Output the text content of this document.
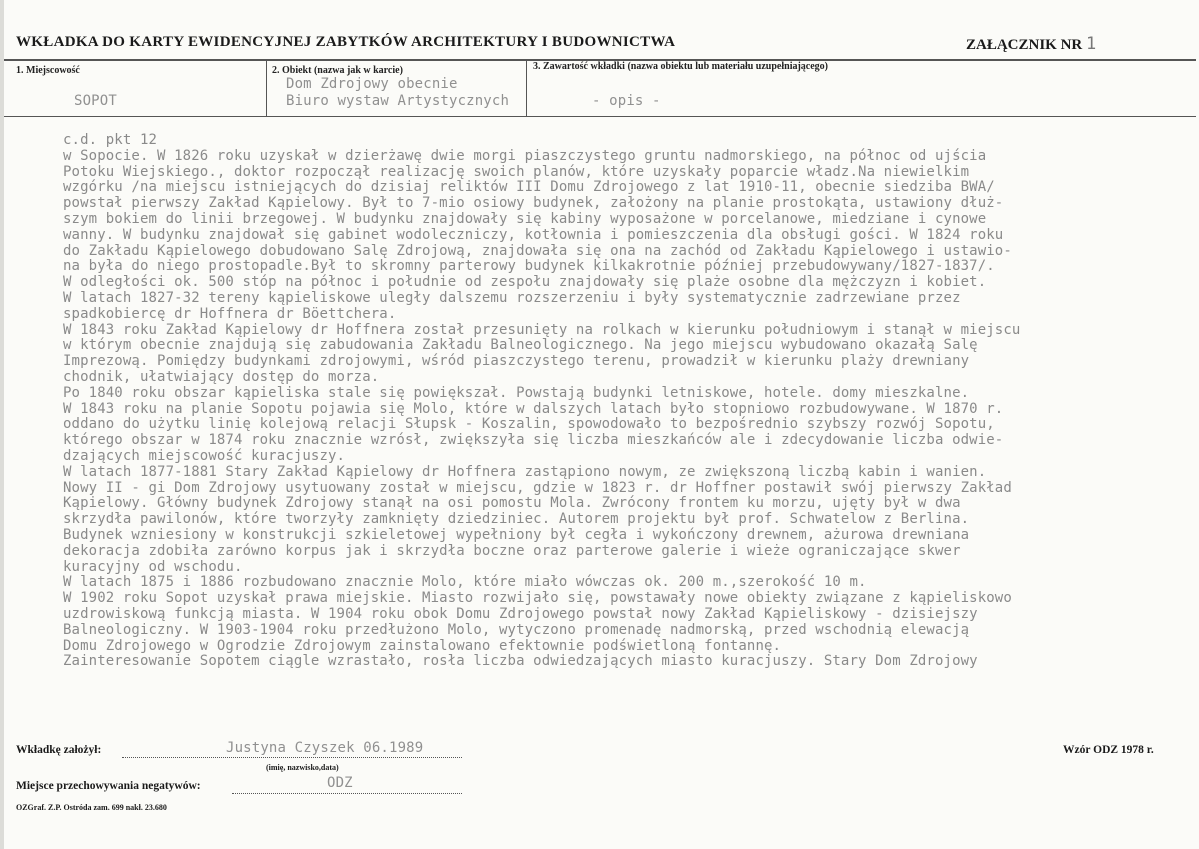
WKŁADKA DO KARTY EWIDENCYJNEJ ZABYTKÓW ARCHITEKTURY I BUDOWNICTWA	ZAŁĄCZNIK NR 1
1. Miejscowość
SOPOT
2. Obiekt (nazwa jak w karcie)
Dom Zdrojowy obecnie
Biuro wystaw Artystycznych
3. Zawartość wkładki (nazwa obiektu lub materiału uzupełniającego)
- opis -
c.d. pkt 12
w Sopocie. W 1826 roku uzyskał w dzierżawę dwie morgi piaszczystego gruntu nadmorskiego, na północ od ujścia
Potoku Wiejskiego., doktor rozpoczął realizację swoich planów, które uzyskały poparcie władz.Na niewielkim
wzgórku /na miejscu istniejących do dzisiaj reliktów III Domu Zdrojowego z lat 1910-11, obecnie siedziba BWA/
powstał pierwszy Zakład Kąpielowy. Był to 7-mio osiowy budynek, założony na planie prostokąta, ustawiony dłuż-
szym bokiem do linii brzegowej. W budynku znajdowały się kabiny wyposażone w porcelanowe, miedziane i cynowe
wanny. W budynku znajdował się gabinet wodoleczniczy, kotłownia i pomieszczenia dla obsługi gości. W 1824 roku
do Zakładu Kąpielowego dobudowano Salę Zdrojową, znajdowała się ona na zachód od Zakładu Kąpielowego i ustawio-
na była do niego prostopadle.Był to skromny parterowy budynek kilkakrotnie później przebudowywany/1827-1837/.
W odległości ok. 500 stóp na północ i południe od zespołu znajdowały się plaże osobne dla mężczyzn i kobiet.
W latach 1827-32 tereny kąpieliskowe uległy dalszemu rozszerzeniu i były systematycznie zadrzewiane przez
spadkobiercę dr Hoffnera dr Böettchera.
W 1843 roku Zakład Kąpielowy dr Hoffnera został przesunięty na rolkach w kierunku południowym i stanął w miejscu
w którym obecnie znajdują się zabudowania Zakładu Balneologicznego. Na jego miejscu wybudowano okazałą Salę
Imprezową. Pomiędzy budynkami zdrojowymi, wśród piaszczystego terenu, prowadził w kierunku plaży drewniany
chodnik, ułatwiający dostęp do morza.
Po 1840 roku obszar kąpieliska stale się powiększał. Powstają budynki letniskowe, hotele. domy mieszkalne.
W 1843 roku na planie Sopotu pojawia się Molo, które w dalszych latach było stopniowo rozbudowywane. W 1870 r.
oddano do użytku linię kolejową relacji Słupsk - Koszalin, spowodowało to bezpośrednio szybszy rozwój Sopotu,
którego obszar w 1874 roku znacznie wzrósł, zwiększyła się liczba mieszkańców ale i zdecydowanie liczba odwie-
dzających miejscowość kuracjuszy.
W latach 1877-1881 Stary Zakład Kąpielowy dr Hoffnera zastąpiono nowym, ze zwiększoną liczbą kabin i wanien.
Nowy II - gi Dom Zdrojowy usytuowany został w miejscu, gdzie w 1823 r. dr Hoffner postawił swój pierwszy Zakład
Kąpielowy. Główny budynek Zdrojowy stanął na osi pomostu Mola. Zwrócony frontem ku morzu, ujęty był w dwa
skrzydła pawilonów, które tworzyły zamknięty dziedziniec. Autorem projektu był prof. Schwatelow z Berlina.
Budynek wzniesiony w konstrukcji szkieletowej wypełniony był cegła i wykończony drewnem, ażurowa drewniana
dekoracja zdobiła zarówno korpus jak i skrzydła boczne oraz parterowe galerie i wieże ograniczające skwer
kuracyjny od wschodu.
W latach 1875 i 1886 rozbudowano znacznie Molo, które miało wówczas ok. 200 m.,szerokość 10 m.
W 1902 roku Sopot uzyskał prawa miejskie. Miasto rozwijało się, powstawały nowe obiekty związane z kąpieliskowo
uzdrowiskową funkcją miasta. W 1904 roku obok Domu Zdrojowego powstał nowy Zakład Kąpieliskowy - dzisiejszy
Balneologiczny. W 1903-1904 roku przedłużono Molo, wytyczono promenadę nadmorską, przed wschodnią elewacją
Domu Zdrojowego w Ogrodzie Zdrojowym zainstalowano efektownie podświetloną fontannę.
Zainteresowanie Sopotem ciągle wzrastało, rosła liczba odwiedzających miasto kuracjuszy. Stary Dom Zdrojowy
Wkładkę założył:	Justyna Czyszek 06.1989
(imię, nazwisko,data)
Wzór ODZ 1978 r.
Miejsce przechowywania negatywów:	ODZ
OZGraf. Z.P. Ostróda zam. 699 nakł. 23.680
